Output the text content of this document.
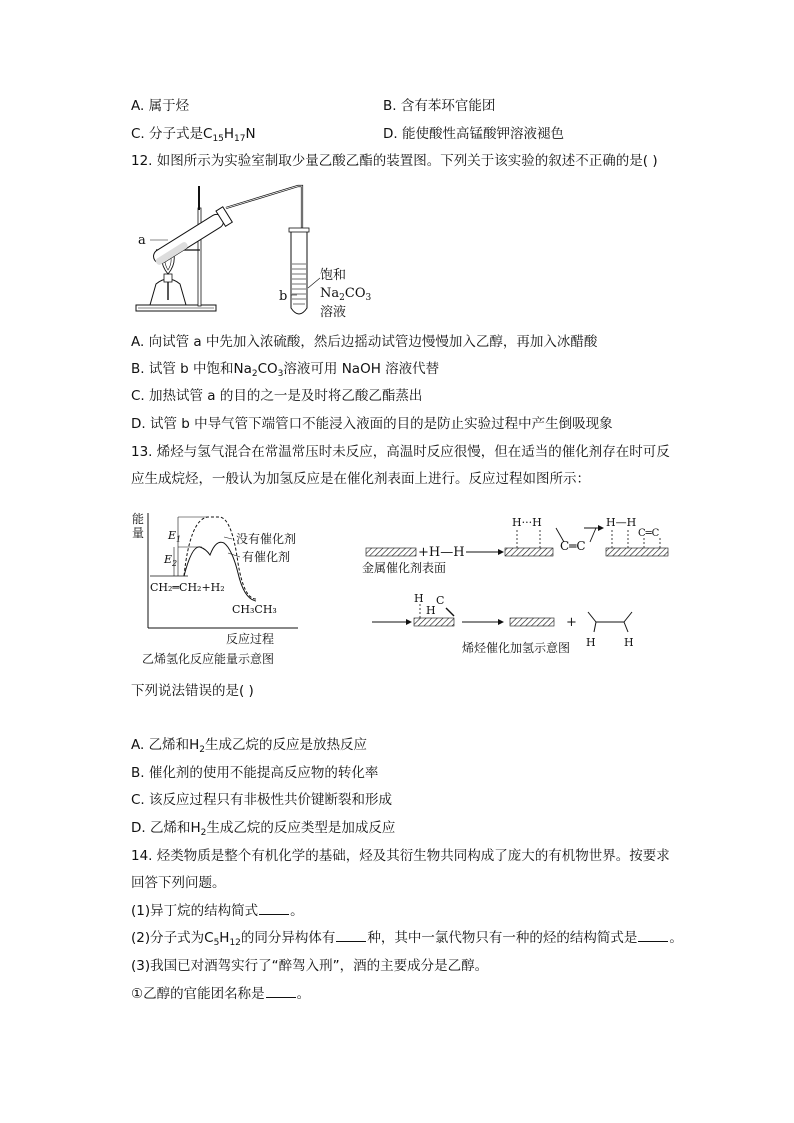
A. 属于烃	B. 含有苯环官能团
C. 分子式是$C_{15}H_{17}N$	D. 能使酸性高锰酸钾溶液褪色
12. 如图所示为实验室制取少量乙酸乙酯的装置图。下列关于该实验的叙述不正确的是( )
a
b
饱和
$Na_2CO_3$
溶液
A. 向试管 a 中先加入浓硫酸，然后边摇动试管边慢慢加入乙醇，再加入冰醋酸
B. 试管 b 中饱和$Na_2CO_3$溶液可用 NaOH 溶液代替
C. 加热试管 a 的目的之一是及时将乙酸乙酯蒸出
D. 试管 b 中导气管下端管口不能浸入液面的目的是防止实验过程中产生倒吸现象
13. 烯烃与氢气混合在常温常压时未反应，高温时反应很慢，但在适当的催化剂存在时可反
应生成烷烃，一般认为加氢反应是在催化剂表面上进行。反应过程如图所示：
能
量 $E_1$
$E_2$
没有催化剂
有催化剂
CH₂═CH₂+H₂
CH₃CH₃
反应过程
乙烯氢化反应能量示意图
+H—H
H···H
C═C
H—H
C═C
金属催化剂表面
H
H
C
+
H	H
烯烃催化加氢示意图
下列说法错误的是( )
A. 乙烯和$H_2$生成乙烷的反应是放热反应
B. 催化剂的使用不能提高反应物的转化率
C. 该反应过程只有非极性共价键断裂和形成
D. 乙烯和$H_2$生成乙烷的反应类型是加成反应
14. 烃类物质是整个有机化学的基础，烃及其衍生物共同构成了庞大的有机物世界。按要求
回答下列问题。
(1)异丁烷的结构简式 。
(2)分子式为$C_5H_{12}$的同分异构体有 种，其中一氯代物只有一种的烃的结构简式是 。
(3)我国已对酒驾实行了“醉驾入刑”，酒的主要成分是乙醇。
①乙醇的官能团名称是 。
